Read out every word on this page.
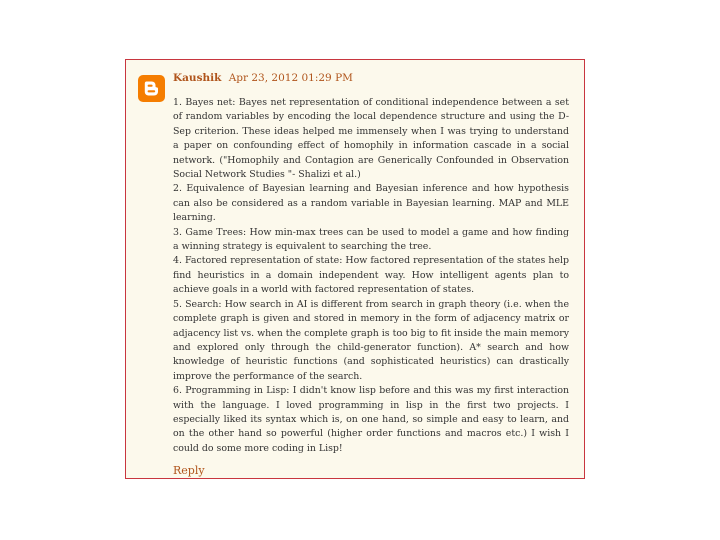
Kaushik Apr 23, 2012 01:29 PM

1. Bayes net: Bayes net representation of conditional independence between a set of random variables by encoding the local dependence structure and using the D-Sep criterion. These ideas helped me immensely when I was trying to understand a paper on confounding effect of homophily in information cascade in a social network. ("Homophily and Contagion are Generically Confounded in Observation Social Network Studies "- Shalizi et al.)

2. Equivalence of Bayesian learning and Bayesian inference and how hypothesis can also be considered as a random variable in Bayesian learning. MAP and MLE learning.

3. Game Trees: How min-max trees can be used to model a game and how finding a winning strategy is equivalent to searching the tree.

4. Factored representation of state: How factored representation of the states help find heuristics in a domain independent way. How intelligent agents plan to achieve goals in a world with factored representation of states.

5. Search: How search in AI is different from search in graph theory (i.e. when the complete graph is given and stored in memory in the form of adjacency matrix or adjacency list vs. when the complete graph is too big to fit inside the main memory and explored only through the child-generator function). A* search and how knowledge of heuristic functions (and sophisticated heuristics) can drastically improve the performance of the search.

6. Programming in Lisp: I didn't know lisp before and this was my first interaction with the language. I loved programming in lisp in the first two projects. I especially liked its syntax which is, on one hand, so simple and easy to learn, and on the other hand so powerful (higher order functions and macros etc.) I wish I could do some more coding in Lisp!

Reply
